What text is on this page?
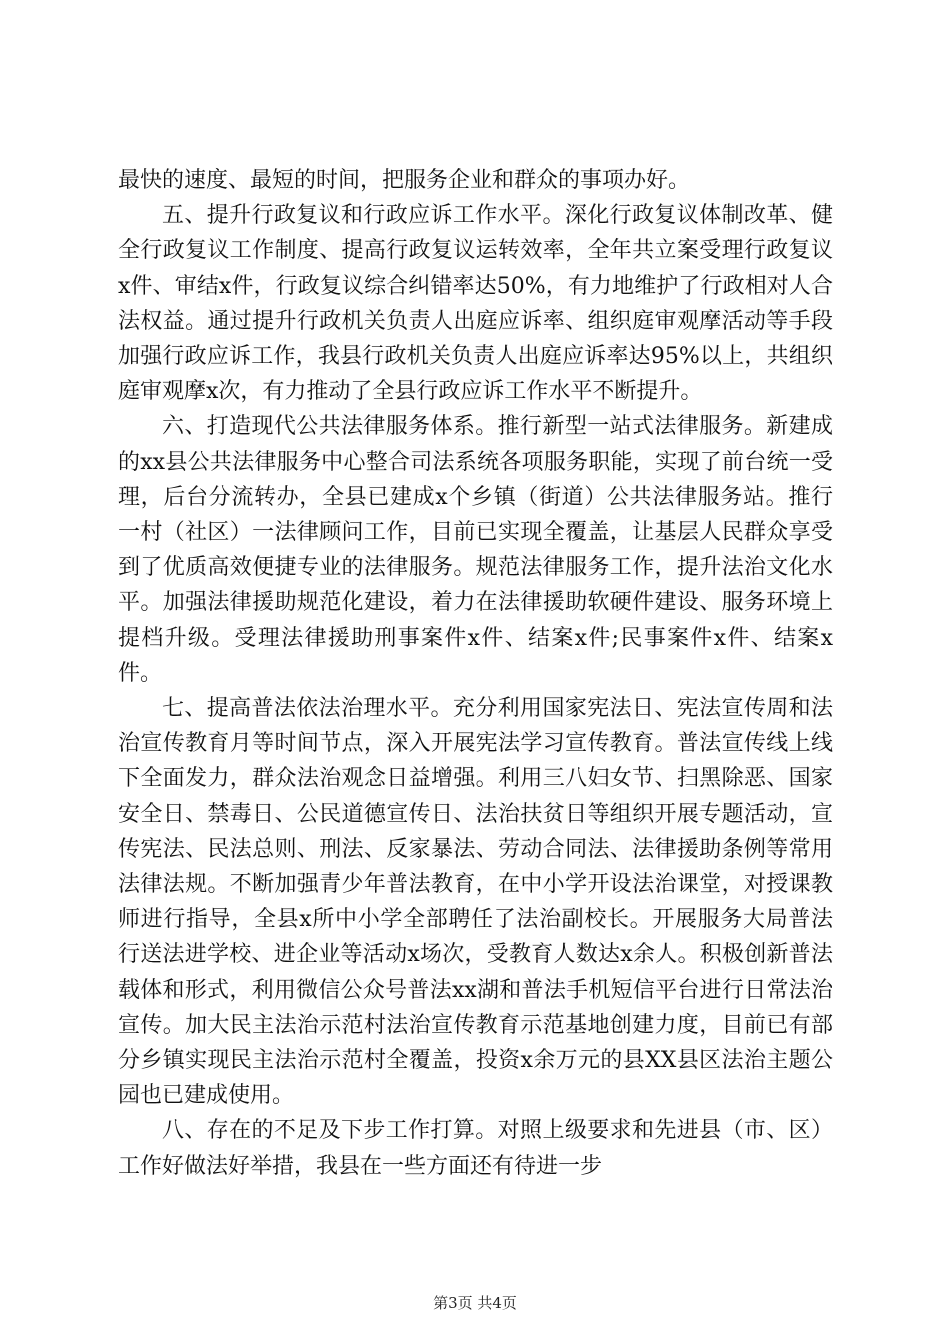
最快的速度、最短的时间，把服务企业和群众的事项办好。

五、提升行政复议和行政应诉工作水平。深化行政复议体制改革、健全行政复议工作制度、提高行政复议运转效率，全年共立案受理行政复议x件、审结x件，行政复议综合纠错率达50%，有力地维护了行政相对人合法权益。通过提升行政机关负责人出庭应诉率、组织庭审观摩活动等手段加强行政应诉工作，我县行政机关负责人出庭应诉率达95%以上，共组织庭审观摩x次，有力推动了全县行政应诉工作水平不断提升。

六、打造现代公共法律服务体系。推行新型一站式法律服务。新建成的xx县公共法律服务中心整合司法系统各项服务职能，实现了前台统一受理，后台分流转办，全县已建成x个乡镇（街道）公共法律服务站。推行一村（社区）一法律顾问工作，目前已实现全覆盖，让基层人民群众享受到了优质高效便捷专业的法律服务。规范法律服务工作，提升法治文化水平。加强法律援助规范化建设，着力在法律援助软硬件建设、服务环境上提档升级。受理法律援助刑事案件x件、结案x件;民事案件x件、结案x件。

七、提高普法依法治理水平。充分利用国家宪法日、宪法宣传周和法治宣传教育月等时间节点，深入开展宪法学习宣传教育。普法宣传线上线下全面发力，群众法治观念日益增强。利用三八妇女节、扫黑除恶、国家安全日、禁毒日、公民道德宣传日、法治扶贫日等组织开展专题活动，宣传宪法、民法总则、刑法、反家暴法、劳动合同法、法律援助条例等常用法律法规。不断加强青少年普法教育，在中小学开设法治课堂，对授课教师进行指导，全县x所中小学全部聘任了法治副校长。开展服务大局普法行送法进学校、进企业等活动x场次，受教育人数达x余人。积极创新普法载体和形式，利用微信公众号普法xx湖和普法手机短信平台进行日常法治宣传。加大民主法治示范村法治宣传教育示范基地创建力度，目前已有部分乡镇实现民主法治示范村全覆盖，投资x余万元的县XX县区法治主题公园也已建成使用。

八、存在的不足及下步工作打算。对照上级要求和先进县（市、区）工作好做法好举措，我县在一些方面还有待进一步

第3页 共4页
